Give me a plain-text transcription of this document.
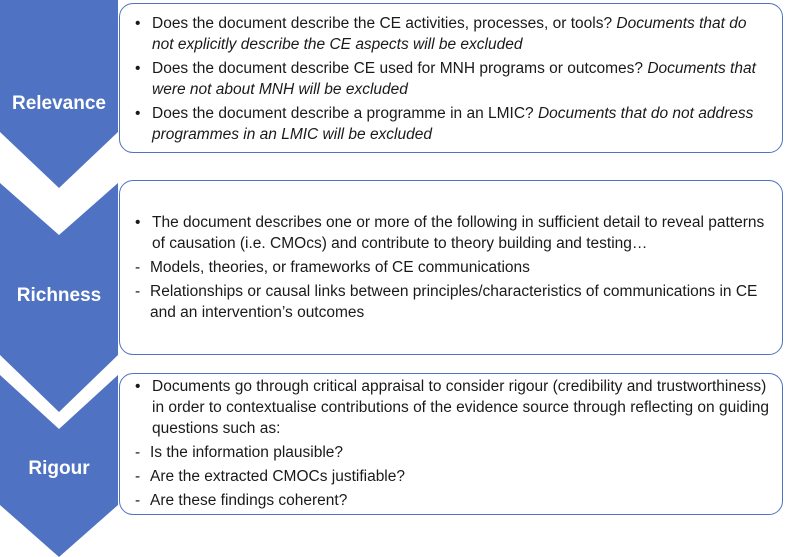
Relevance
Richness
Rigour
• Does the document describe the CE activities, processes, or tools? Documents that do not explicitly describe the CE aspects will be excluded
• Does the document describe CE used for MNH programs or outcomes? Documents that were not about MNH will be excluded
• Does the document describe a programme in an LMIC? Documents that do not address programmes in an LMIC will be excluded
• The document describes one or more of the following in sufficient detail to reveal patterns of causation (i.e. CMOcs) and contribute to theory building and testing…
- Models, theories, or frameworks of CE communications
- Relationships or causal links between principles/characteristics of communications in CE and an intervention’s outcomes
• Documents go through critical appraisal to consider rigour (credibility and trustworthiness) in order to contextualise contributions of the evidence source through reflecting on guiding questions such as:
- Is the information plausible?
- Are the extracted CMOCs justifiable?
- Are these findings coherent?
